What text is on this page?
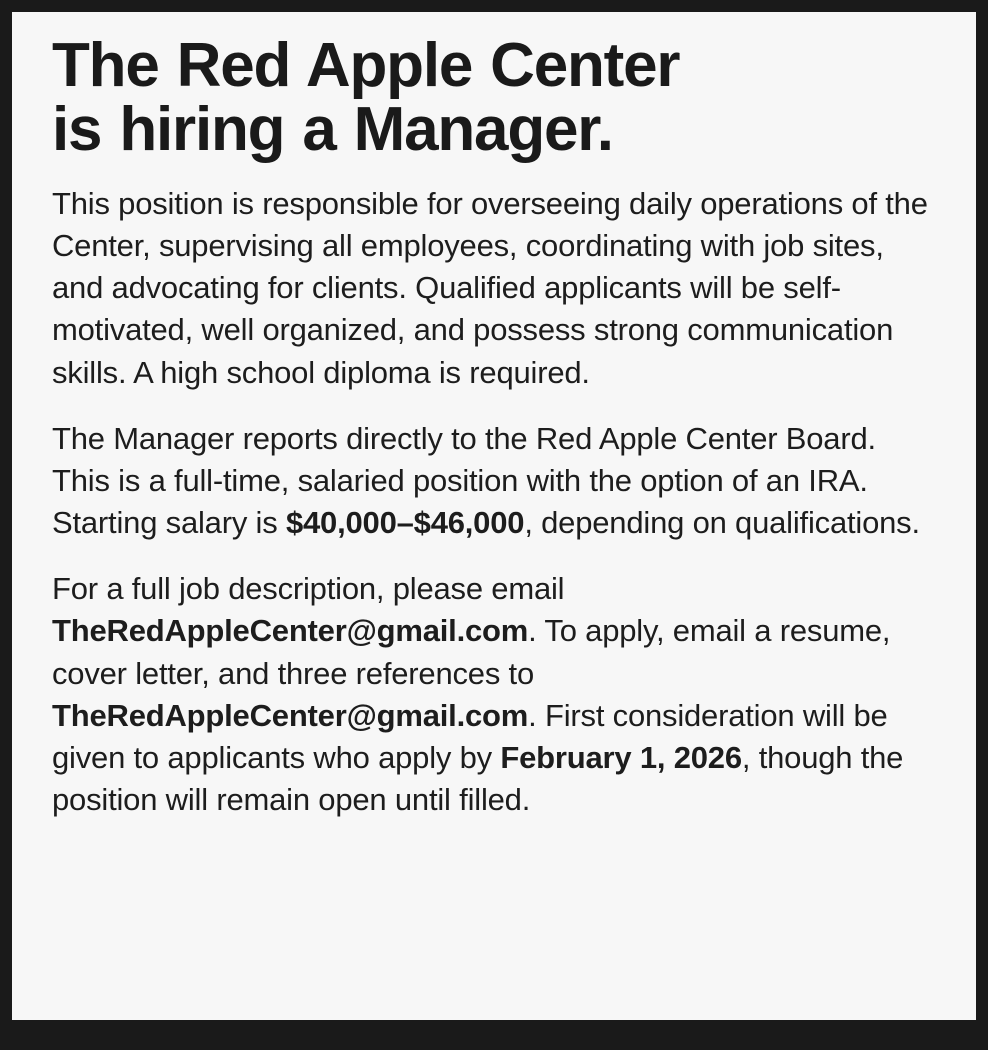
The Red Apple Center
is hiring a Manager.

This position is responsible for overseeing daily operations of the Center, supervising all employees, coordinating with job sites, and advocating for clients. Qualified applicants will be self-motivated, well organized, and possess strong communication skills. A high school diploma is required.

The Manager reports directly to the Red Apple Center Board. This is a full-time, salaried position with the option of an IRA. Starting salary is $40,000–$46,000, depending on qualifications.

For a full job description, please email TheRedAppleCenter@gmail.com. To apply, email a resume, cover letter, and three references to TheRedAppleCenter@gmail.com. First consideration will be given to applicants who apply by February 1, 2026, though the position will remain open until filled.
